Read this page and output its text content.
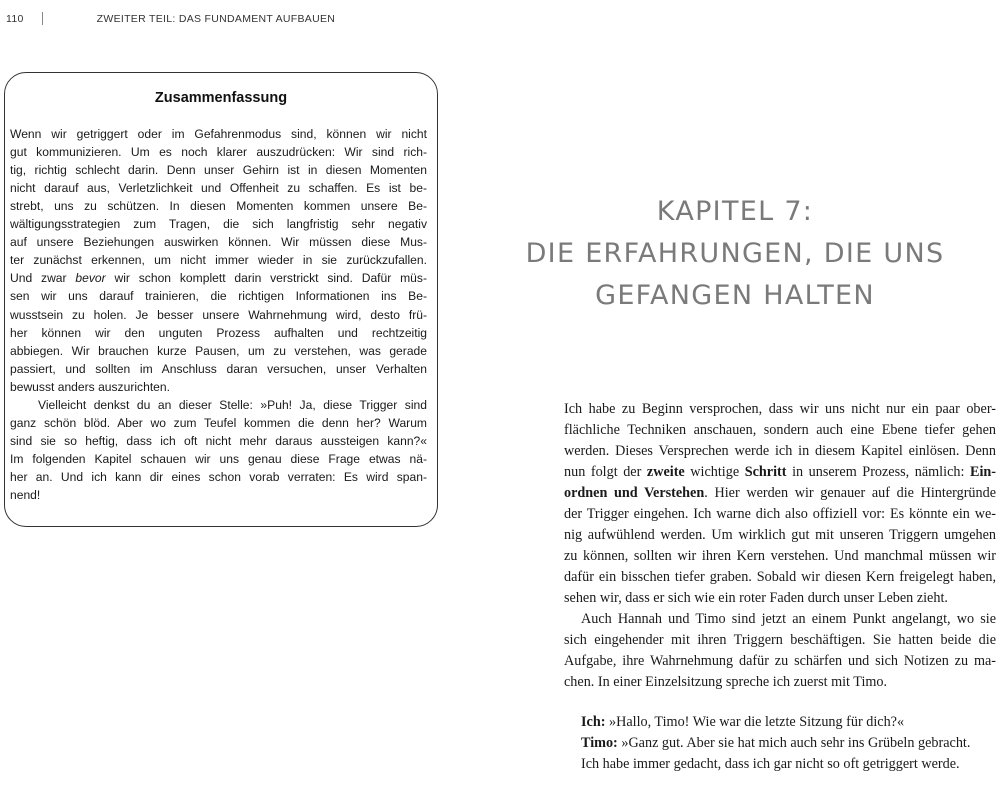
110	ZWEITER TEIL: DAS FUNDAMENT AUFBAUEN
Zusammenfassung
Wenn wir getriggert oder im Gefahrenmodus sind, können wir nicht
gut kommunizieren. Um es noch klarer auszudrücken: Wir sind rich-
tig, richtig schlecht darin. Denn unser Gehirn ist in diesen Momenten
nicht darauf aus, Verletzlichkeit und Offenheit zu schaffen. Es ist be-
strebt, uns zu schützen. In diesen Momenten kommen unsere Be-
wältigungsstrategien zum Tragen, die sich langfristig sehr negativ
auf unsere Beziehungen auswirken können. Wir müssen diese Mus-
ter zunächst erkennen, um nicht immer wieder in sie zurückzufallen.
Und zwar bevor wir schon komplett darin verstrickt sind. Dafür müs-
sen wir uns darauf trainieren, die richtigen Informationen ins Be-
wusstsein zu holen. Je besser unsere Wahrnehmung wird, desto frü-
her können wir den unguten Prozess aufhalten und rechtzeitig
abbiegen. Wir brauchen kurze Pausen, um zu verstehen, was gerade
passiert, und sollten im Anschluss daran versuchen, unser Verhalten
bewusst anders auszurichten.
Vielleicht denkst du an dieser Stelle: »Puh! Ja, diese Trigger sind
ganz schön blöd. Aber wo zum Teufel kommen die denn her? Warum
sind sie so heftig, dass ich oft nicht mehr daraus aussteigen kann?«
Im folgenden Kapitel schauen wir uns genau diese Frage etwas nä-
her an. Und ich kann dir eines schon vorab verraten: Es wird span-
nend!
KAPITEL 7:
DIE ERFAHRUNGEN, DIE UNS
GEFANGEN HALTEN
Ich habe zu Beginn versprochen, dass wir uns nicht nur ein paar ober-
flächliche Techniken anschauen, sondern auch eine Ebene tiefer gehen
werden. Dieses Versprechen werde ich in diesem Kapitel einlösen. Denn
nun folgt der zweite wichtige Schritt in unserem Prozess, nämlich: Ein-
ordnen und Verstehen. Hier werden wir genauer auf die Hintergründe
der Trigger eingehen. Ich warne dich also offiziell vor: Es könnte ein we-
nig aufwühlend werden. Um wirklich gut mit unseren Triggern umgehen
zu können, sollten wir ihren Kern verstehen. Und manchmal müssen wir
dafür ein bisschen tiefer graben. Sobald wir diesen Kern freigelegt haben,
sehen wir, dass er sich wie ein roter Faden durch unser Leben zieht.
Auch Hannah und Timo sind jetzt an einem Punkt angelangt, wo sie
sich eingehender mit ihren Triggern beschäftigen. Sie hatten beide die
Aufgabe, ihre Wahrnehmung dafür zu schärfen und sich Notizen zu ma-
chen. In einer Einzelsitzung spreche ich zuerst mit Timo.
Ich: »Hallo, Timo! Wie war die letzte Sitzung für dich?«
Timo: »Ganz gut. Aber sie hat mich auch sehr ins Grübeln gebracht.
Ich habe immer gedacht, dass ich gar nicht so oft getriggert werde.
